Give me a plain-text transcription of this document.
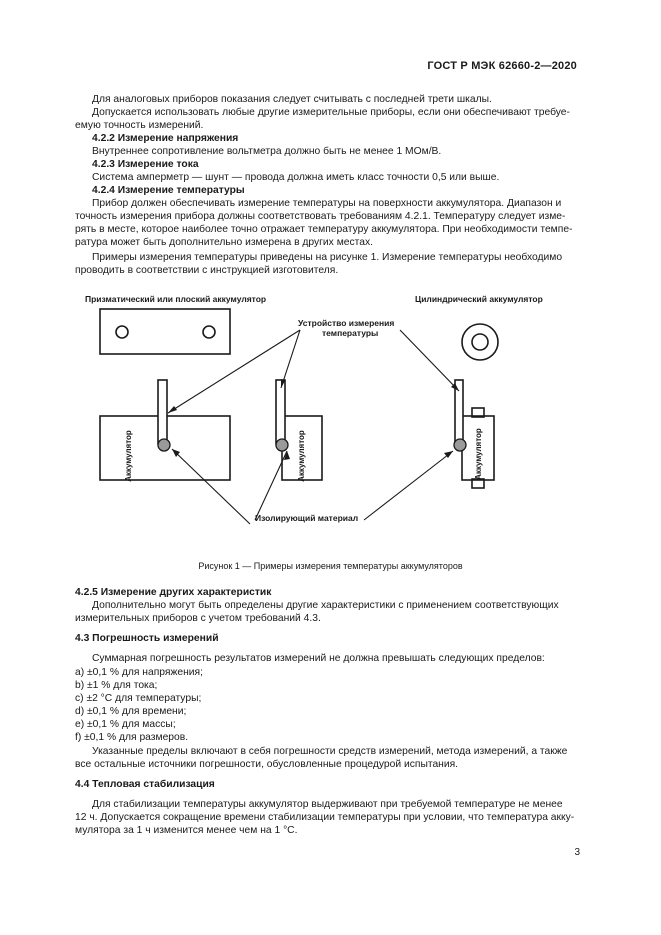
ГОСТ Р МЭК 62660-2—2020
Для аналоговых приборов показания следует считывать с последней трети шкалы.
Допускается использовать любые другие измерительные приборы, если они обеспечивают требуе-
емую точность измерений.
4.2.2 Измерение напряжения
Внутреннее сопротивление вольтметра должно быть не менее 1 МОм/В.
4.2.3 Измерение тока
Система амперметр — шунт — провода должна иметь класс точности 0,5 или выше.
4.2.4 Измерение температуры
Прибор должен обеспечивать измерение температуры на поверхности аккумулятора. Диапазон и
точность измерения прибора должны соответствовать требованиям 4.2.1. Температуру следует изме-
рять в месте, которое наиболее точно отражает температуру аккумулятора. При необходимости темпе-
ратура может быть дополнительно измерена в других местах.
Примеры измерения температуры приведены на рисунке 1. Измерение температуры необходимо
проводить в соответствии с инструкцией изготовителя.
Призматический или плоский аккумулятор	Цилиндрический аккумулятор
Устройство измерения
температуры
Изолирующий материал
Аккумулятор	Аккумулятор	Аккумулятор
Рисунок 1 — Примеры измерения температуры аккумуляторов
4.2.5 Измерение других характеристик
Дополнительно могут быть определены другие характеристики с применением соответствующих
измерительных приборов с учетом требований 4.3.
4.3 Погрешность измерений
Суммарная погрешность результатов измерений не должна превышать следующих пределов:
a) ±0,1 % для напряжения;
b) ±1 % для тока;
c) ±2 °С для температуры;
d) ±0,1 % для времени;
e) ±0,1 % для массы;
f) ±0,1 % для размеров.
Указанные пределы включают в себя погрешности средств измерений, метода измерений, а также
все остальные источники погрешности, обусловленные процедурой испытания.
4.4 Тепловая стабилизация
Для стабилизации температуры аккумулятор выдерживают при требуемой температуре не менее
12 ч. Допускается сокращение времени стабилизации температуры при условии, что температура акку-
мулятора за 1 ч изменится менее чем на 1 °С.
3
